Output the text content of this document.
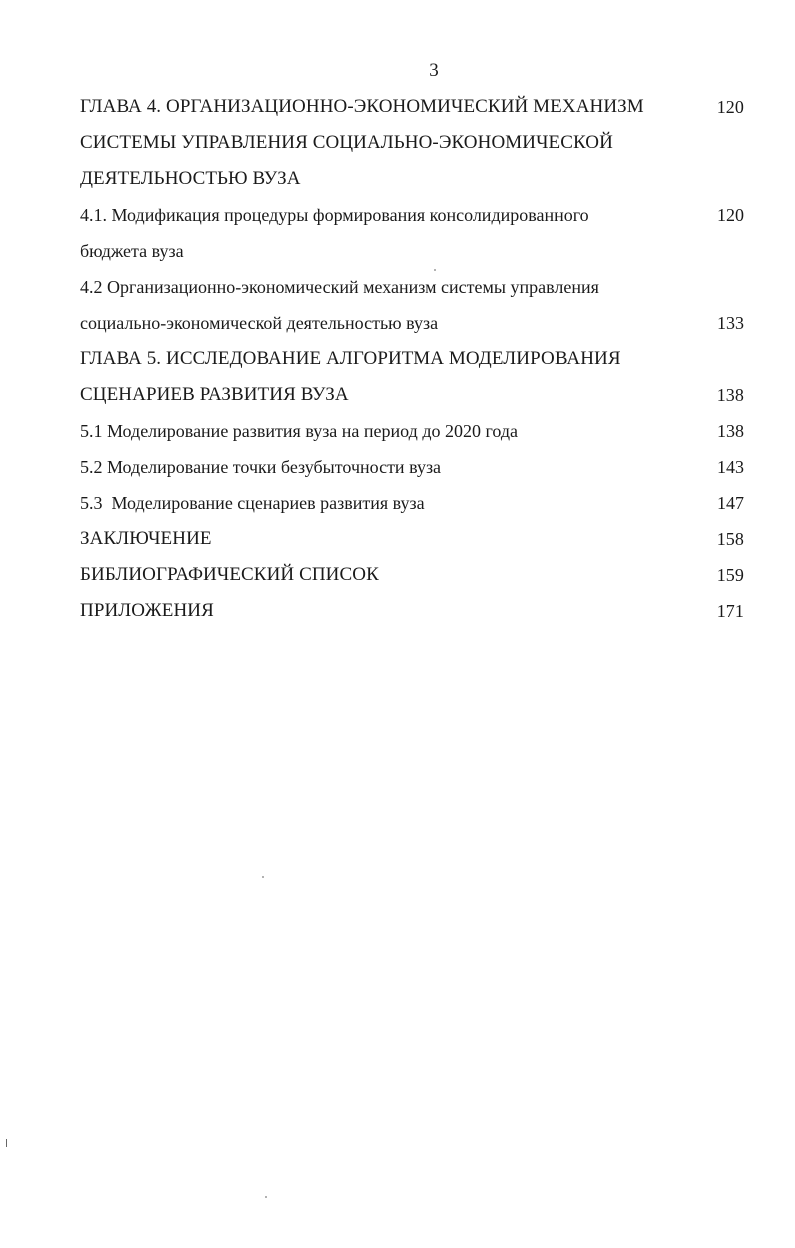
3
ГЛАВА 4. ОРГАНИЗАЦИОННО-ЭКОНОМИЧЕСКИЙ МЕХАНИЗМ	120
СИСТЕМЫ УПРАВЛЕНИЯ СОЦИАЛЬНО-ЭКОНОМИЧЕСКОЙ
ДЕЯТЕЛЬНОСТЬЮ ВУЗА
4.1. Модификация процедуры формирования консолидированного	120
бюджета вуза
4.2 Организационно-экономический механизм системы управления
социально-экономической деятельностью вуза	133
ГЛАВА 5. ИССЛЕДОВАНИЕ АЛГОРИТМА МОДЕЛИРОВАНИЯ
СЦЕНАРИЕВ РАЗВИТИЯ ВУЗА	138
5.1 Моделирование развития вуза на период до 2020 года	138
5.2 Моделирование точки безубыточности вуза	143
5.3  Моделирование сценариев развития вуза	147
ЗАКЛЮЧЕНИЕ	158
БИБЛИОГРАФИЧЕСКИЙ СПИСОК	159
ПРИЛОЖЕНИЯ	171
